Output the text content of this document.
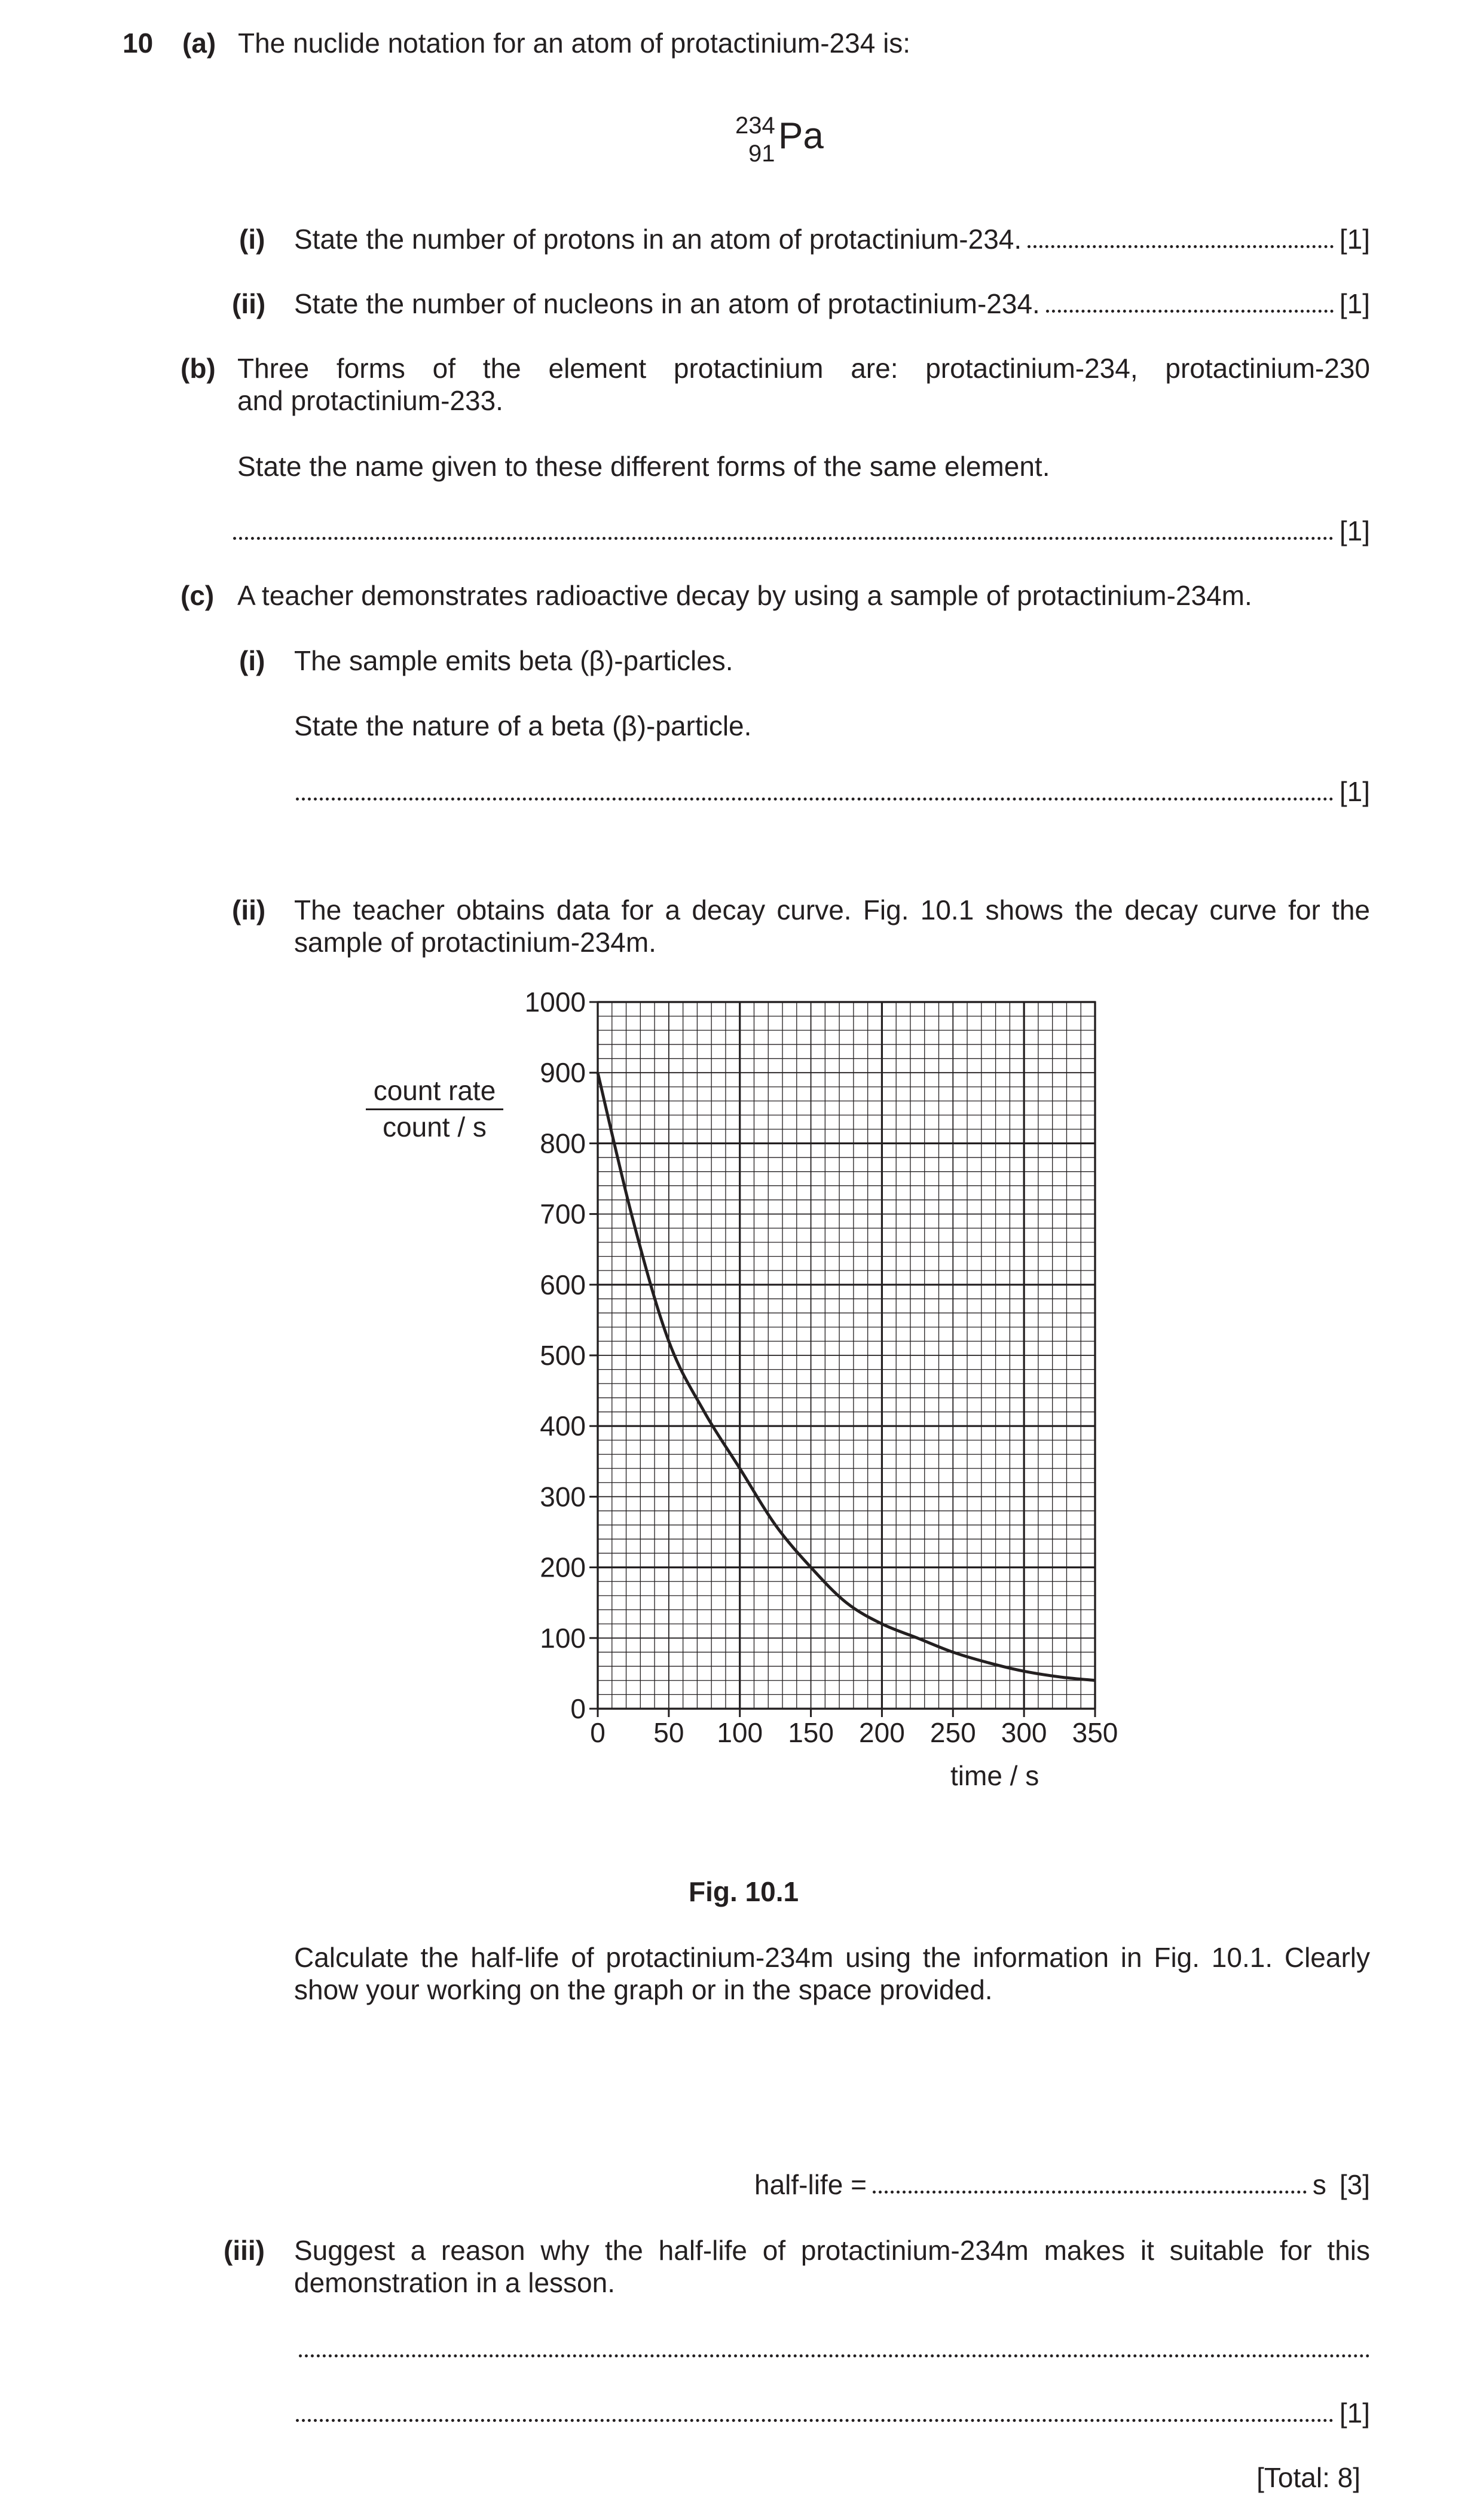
10 (a) The nuclide notation for an atom of protactinium-234 is:
234
91 Pa
(i) State the number of protons in an atom of protactinium-234.	[1]
(ii) State the number of nucleons in an atom of protactinium-234.	[1]
(b) Three forms of the element protactinium are: protactinium-234, protactinium-230
and protactinium-233.
State the name given to these different forms of the same element.
[1]
(c) A teacher demonstrates radioactive decay by using a sample of protactinium-234m.
(i) The sample emits beta (β)-particles.
State the nature of a beta (β)-particle.
[1]
(ii) The teacher obtains data for a decay curve. Fig. 10.1 shows the decay curve for the
sample of protactinium-234m.
count rate
count / s
0 50 100 150 200 250 300 350
0
100
200
300
400
500
600
700
800
900
1000
time / s
Fig. 10.1
Calculate the half-life of protactinium-234m using the information in Fig. 10.1. Clearly
show your working on the graph or in the space provided.
half-life =	s [3]
(iii) Suggest a reason why the half-life of protactinium-234m makes it suitable for this
demonstration in a lesson.
[1]
[Total: 8]
